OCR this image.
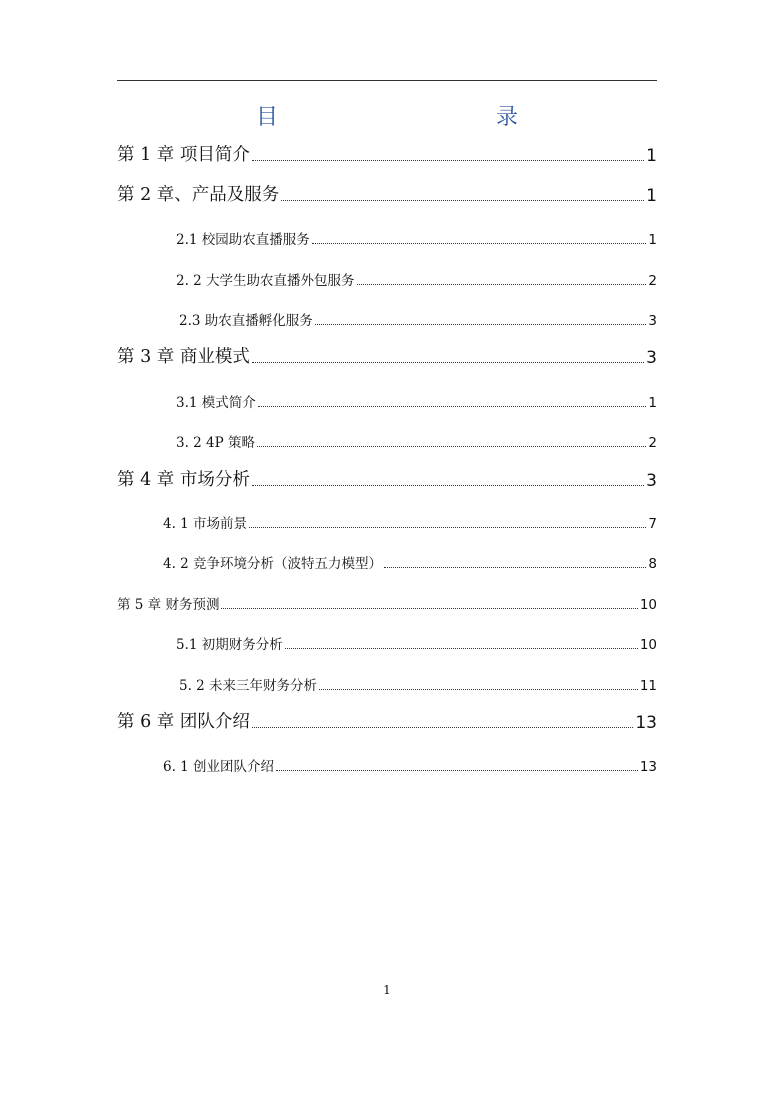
目　　录
第 1 章 项目简介	1
第 2 章、产品及服务	1
2.1 校园助农直播服务	1
2. 2 大学生助农直播外包服务	2
2.3 助农直播孵化服务	3
第 3 章 商业模式	3
3.1 模式简介	1
3. 2 4P 策略	2
第 4 章 市场分析	3
4. 1 市场前景	7
4. 2 竞争环境分析（波特五力模型）	8
第 5 章 财务预测	10
5.1 初期财务分析	10
5. 2 未来三年财务分析	11
第 6 章 团队介绍	13
6. 1 创业团队介绍	13
1
